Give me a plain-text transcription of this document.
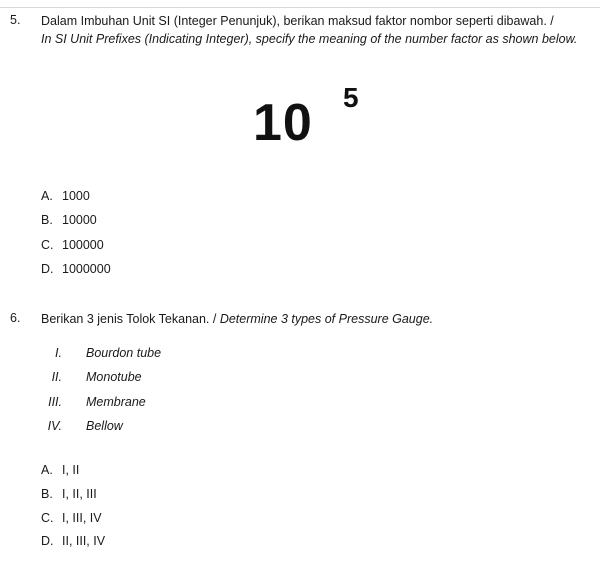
5. Dalam Imbuhan Unit SI (Integer Penunjuk), berikan maksud faktor nombor seperti dibawah. /
In SI Unit Prefixes (Indicating Integer), specify the meaning of the number factor as shown below.
10 5
A. 1000
B. 10000
C. 100000
D. 1000000
6. Berikan 3 jenis Tolok Tekanan. / Determine 3 types of Pressure Gauge.
I. Bourdon tube
II. Monotube
III. Membrane
IV. Bellow
A. I, II
B. I, II, III
C. I, III, IV
D. II, III, IV
